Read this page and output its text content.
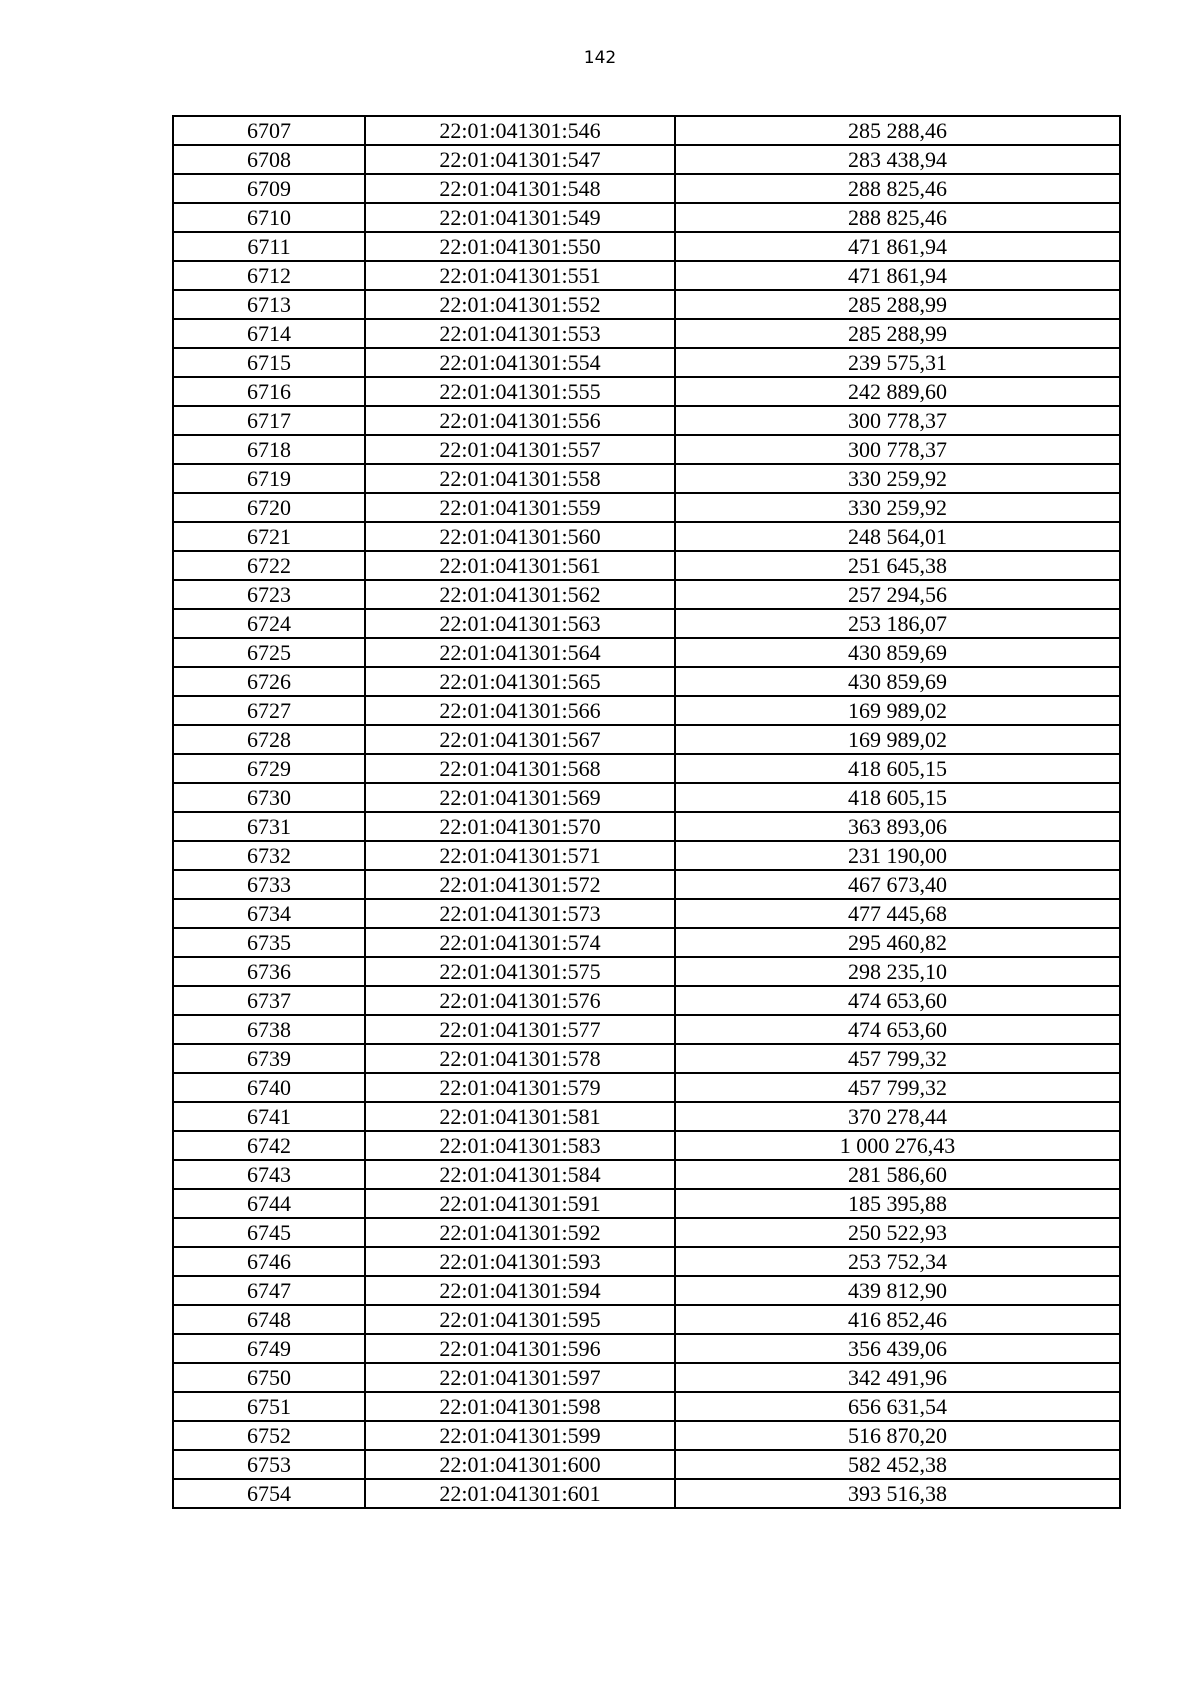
142
6707	22:01:041301:546	285 288,46
6708	22:01:041301:547	283 438,94
6709	22:01:041301:548	288 825,46
6710	22:01:041301:549	288 825,46
6711	22:01:041301:550	471 861,94
6712	22:01:041301:551	471 861,94
6713	22:01:041301:552	285 288,99
6714	22:01:041301:553	285 288,99
6715	22:01:041301:554	239 575,31
6716	22:01:041301:555	242 889,60
6717	22:01:041301:556	300 778,37
6718	22:01:041301:557	300 778,37
6719	22:01:041301:558	330 259,92
6720	22:01:041301:559	330 259,92
6721	22:01:041301:560	248 564,01
6722	22:01:041301:561	251 645,38
6723	22:01:041301:562	257 294,56
6724	22:01:041301:563	253 186,07
6725	22:01:041301:564	430 859,69
6726	22:01:041301:565	430 859,69
6727	22:01:041301:566	169 989,02
6728	22:01:041301:567	169 989,02
6729	22:01:041301:568	418 605,15
6730	22:01:041301:569	418 605,15
6731	22:01:041301:570	363 893,06
6732	22:01:041301:571	231 190,00
6733	22:01:041301:572	467 673,40
6734	22:01:041301:573	477 445,68
6735	22:01:041301:574	295 460,82
6736	22:01:041301:575	298 235,10
6737	22:01:041301:576	474 653,60
6738	22:01:041301:577	474 653,60
6739	22:01:041301:578	457 799,32
6740	22:01:041301:579	457 799,32
6741	22:01:041301:581	370 278,44
6742	22:01:041301:583	1 000 276,43
6743	22:01:041301:584	281 586,60
6744	22:01:041301:591	185 395,88
6745	22:01:041301:592	250 522,93
6746	22:01:041301:593	253 752,34
6747	22:01:041301:594	439 812,90
6748	22:01:041301:595	416 852,46
6749	22:01:041301:596	356 439,06
6750	22:01:041301:597	342 491,96
6751	22:01:041301:598	656 631,54
6752	22:01:041301:599	516 870,20
6753	22:01:041301:600	582 452,38
6754	22:01:041301:601	393 516,38
